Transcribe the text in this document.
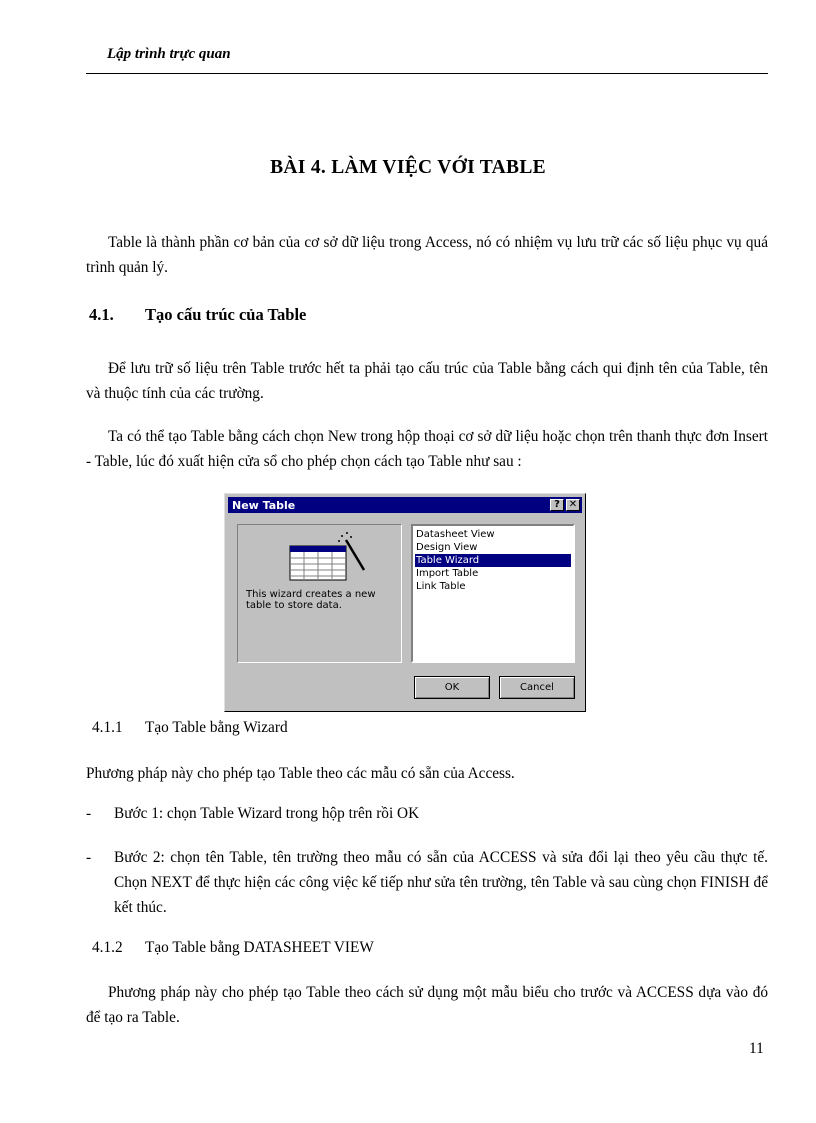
Lập trình trực quan
BÀI 4. LÀM VIỆC VỚI TABLE
Table là thành phần cơ bản của cơ sở dữ liệu trong Access, nó có nhiệm vụ lưu trữ các số liệu phục vụ quá trình quản lý.
4.1. Tạo cấu trúc của Table
Để lưu trữ số liệu trên Table trước hết ta phải tạo cấu trúc của Table bằng cách qui định tên của Table, tên và thuộc tính của các trường.
Ta có thể tạo Table bằng cách chọn New trong hộp thoại cơ sở dữ liệu hoặc chọn trên thanh thực đơn Insert - Table, lúc đó xuất hiện cửa sổ cho phép chọn cách tạo Table như sau :
New Table	? ✕
This wizard creates a new table to store data.
Datasheet View
Design View
Table Wizard
Import Table
Link Table
OK	Cancel
4.1.1 Tạo Table bằng Wizard
Phương pháp này cho phép tạo Table theo các mẫu có sẵn của Access.
- Bước 1: chọn Table Wizard trong hộp trên rồi OK
- Bước 2: chọn tên Table, tên trường theo mẫu có sẵn của ACCESS và sửa đổi lại theo yêu cầu thực tế. Chọn NEXT để thực hiện các công việc kế tiếp như sửa tên trường, tên Table và sau cùng chọn FINISH để kết thúc.
4.1.2 Tạo Table bằng DATASHEET VIEW
Phương pháp này cho phép tạo Table theo cách sử dụng một mẫu biểu cho trước và ACCESS dựa vào đó để tạo ra Table.
11
